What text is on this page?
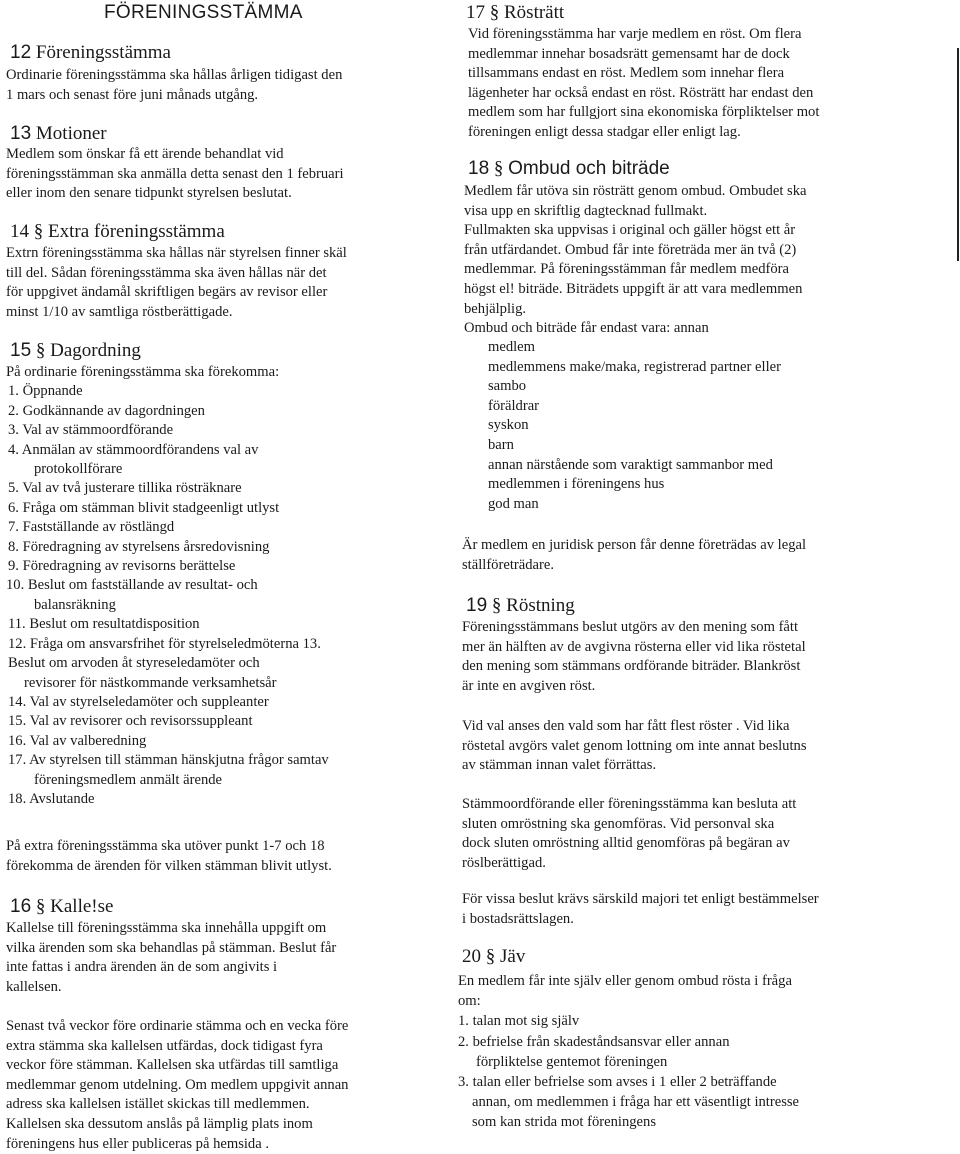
FÖRENINGSSTÄMMA
12 Föreningsstämma
Ordinarie föreningsstämma ska hållas årligen tidigast den
1 mars och senast före juni månads utgång.
13 Motioner
Medlem som önskar få ett ärende behandlat vid
föreningsstämman ska anmälla detta senast den 1 februari
eller inom den senare tidpunkt styrelsen beslutat.
14 § Extra föreningsstämma
Extrn föreningsstämma ska hållas när styrelsen finner skäl
till del. Sådan föreningsstämma ska även hållas när det
för uppgivet ändamål skriftligen begärs av revisor eller
minst 1/10 av samtliga röstberättigade.
15 § Dagordning
På ordinarie föreningsstämma ska förekomma:
1. Öppnande
2. Godkännande av dagordningen
3. Val av stämmoordförande
4. Anmälan av stämmoordförandens val av
protokollförare
5. Val av två justerare tillika rösträknare
6. Fråga om stämman blivit stadgeenligt utlyst
7. Fastställande av röstlängd
8. Föredragning av styrelsens årsredovisning
9. Föredragning av revisorns berättelse
10. Beslut om fastställande av resultat- och
balansräkning
11. Beslut om resultatdisposition
12. Fråga om ansvarsfrihet för styrelseledmöterna 13.
Beslut om arvoden åt styreseledamöter och
revisorer för nästkommande verksamhetsår
14. Val av styrelseledamöter och suppleanter
15. Val av revisorer och revisorssuppleant
16. Val av valberedning
17. Av styrelsen till stämman hänskjutna frågor samtav
föreningsmedlem anmält ärende
18. Avslutande
På extra föreningsstämma ska utöver punkt 1-7 och 18
förekomma de ärenden för vilken stämman blivit utlyst.
16 § Kalle!se
Kallelse till föreningsstämma ska innehålla uppgift om
vilka ärenden som ska behandlas på stämman. Beslut får
inte fattas i andra ärenden än de som angivits i
kallelsen.
Senast två veckor före ordinarie stämma och en vecka före
extra stämma ska kallelsen utfärdas, dock tidigast fyra
veckor före stämman. Kallelsen ska utfärdas till samtliga
medlemmar genom utdelning. Om medlem uppgivit annan
adress ska kallelsen istället skickas till medlemmen.
Kallelsen ska dessutom anslås på lämplig plats inom
föreningens hus eller publiceras på hemsida .
17 § Rösträtt
Vid föreningsstämma har varje medlem en röst. Om flera
medlemmar innehar bosadsrätt gemensamt har de dock
tillsammans endast en röst. Medlem som innehar flera
lägenheter har också endast en röst. Rösträtt har endast den
medlem som har fullgjort sina ekonomiska förpliktelser mot
föreningen enligt dessa stadgar eller enligt lag.
18 § Ombud och biträde
Medlem får utöva sin rösträtt genom ombud. Ombudet ska
visa upp en skriftlig dagtecknad fullmakt.
Fullmakten ska uppvisas i original och gäller högst ett år
från utfärdandet. Ombud får inte företräda mer än två (2)
medlemmar. På föreningsstämman får medlem medföra
högst el! biträde. Biträdets uppgift är att vara medlemmen
behjälplig.
Ombud och biträde får endast vara: annan
medlem
medlemmens make/maka, registrerad partner eller
sambo
föräldrar
syskon
barn
annan närstående som varaktigt sammanbor med
medlemmen i föreningens hus
god man
Är medlem en juridisk person får denne företrädas av legal
ställföreträdare.
19 § Röstning
Föreningsstämmans beslut utgörs av den mening som fått
mer än hälften av de avgivna rösterna eller vid lika röstetal
den mening som stämmans ordförande biträder. Blankröst
är inte en avgiven röst.
Vid val anses den vald som har fått flest röster . Vid lika
röstetal avgörs valet genom lottning om inte annat beslutns
av stämman innan valet förrättas.
Stämmoordförande eller föreningsstämma kan besluta att
sluten omröstning ska genomföras. Vid personval ska
dock sluten omröstning alltid genomföras på begäran av
röslberättigad.
För vissa beslut krävs särskild majori tet enligt bestämmelser
i bostadsrättslagen.
20 § Jäv
En medlem får inte själv eller genom ombud rösta i fråga
om:
1. talan mot sig själv
2. befrielse från skadeståndsansvar eller annan
förpliktelse gentemot föreningen
3. talan eller befrielse som avses i 1 eller 2 beträffande
annan, om medlemmen i fråga har ett väsentligt intresse
som kan strida mot föreningens
